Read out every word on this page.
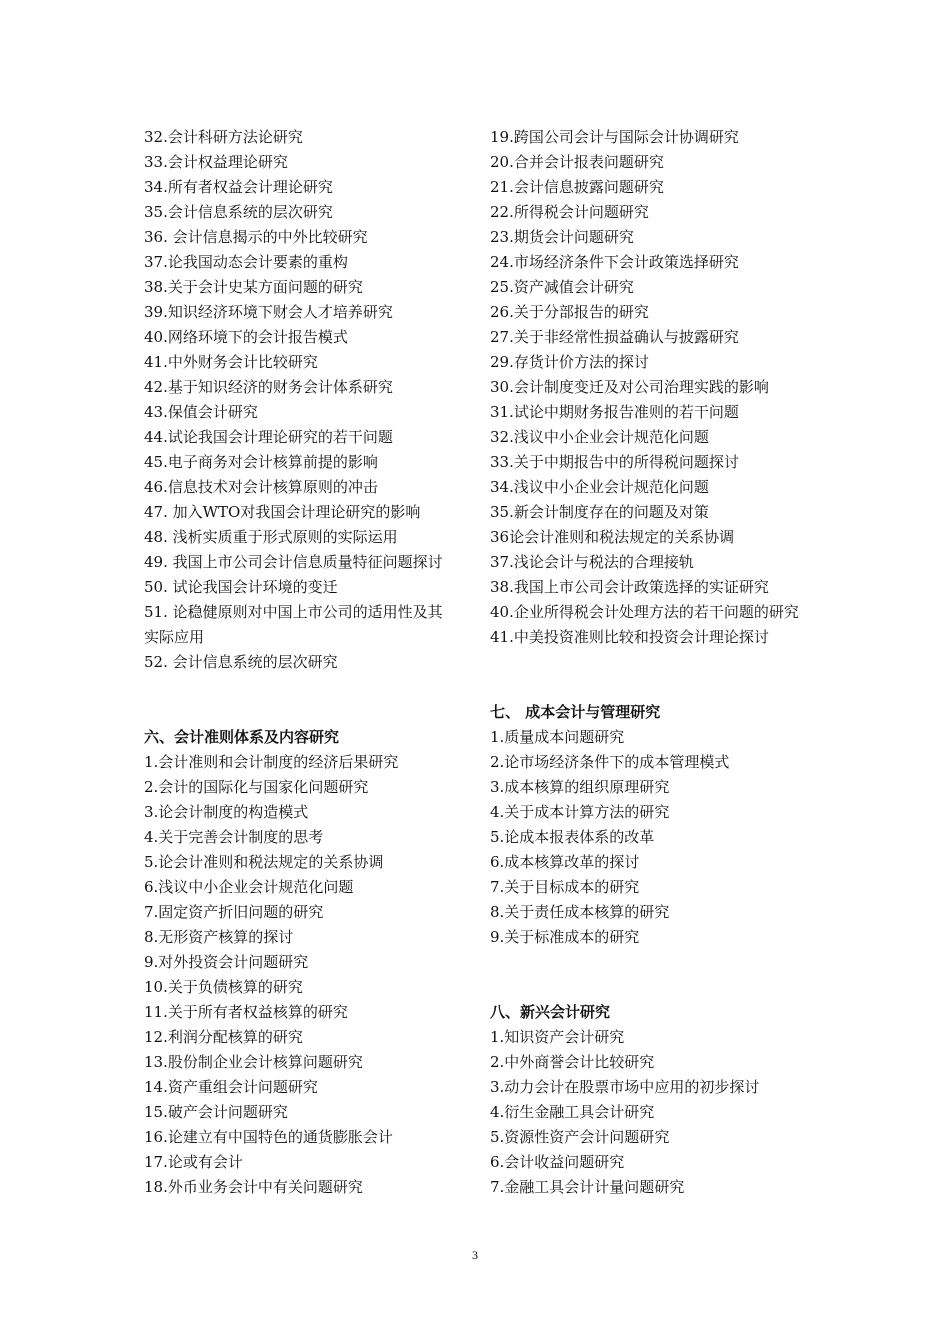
32.会计科研方法论研究
33.会计权益理论研究
34.所有者权益会计理论研究
35.会计信息系统的层次研究
36. 会计信息揭示的中外比较研究
37.论我国动态会计要素的重构
38.关于会计史某方面问题的研究
39.知识经济环境下财会人才培养研究
40.网络环境下的会计报告模式
41.中外财务会计比较研究
42.基于知识经济的财务会计体系研究
43.保值会计研究
44.试论我国会计理论研究的若干问题
45.电子商务对会计核算前提的影响
46.信息技术对会计核算原则的冲击
47. 加入WTO对我国会计理论研究的影响
48. 浅析实质重于形式原则的实际运用
49. 我国上市公司会计信息质量特征问题探讨
50. 试论我国会计环境的变迁
51. 论稳健原则对中国上市公司的适用性及其实际应用
52. 会计信息系统的层次研究
六、会计准则体系及内容研究
1.会计准则和会计制度的经济后果研究
2.会计的国际化与国家化问题研究
3.论会计制度的构造模式
4.关于完善会计制度的思考
5.论会计准则和税法规定的关系协调
6.浅议中小企业会计规范化问题
7.固定资产折旧问题的研究
8.无形资产核算的探讨
9.对外投资会计问题研究
10.关于负债核算的研究
11.关于所有者权益核算的研究
12.利润分配核算的研究
13.股份制企业会计核算问题研究
14.资产重组会计问题研究
15.破产会计问题研究
16.论建立有中国特色的通货膨胀会计
17.论或有会计
18.外币业务会计中有关问题研究
19.跨国公司会计与国际会计协调研究
20.合并会计报表问题研究
21.会计信息披露问题研究
22.所得税会计问题研究
23.期货会计问题研究
24.市场经济条件下会计政策选择研究
25.资产减值会计研究
26.关于分部报告的研究
27.关于非经常性损益确认与披露研究
29.存货计价方法的探讨
30.会计制度变迁及对公司治理实践的影响
31.试论中期财务报告准则的若干问题
32.浅议中小企业会计规范化问题
33.关于中期报告中的所得税问题探讨
34.浅议中小企业会计规范化问题
35.新会计制度存在的问题及对策
36论会计准则和税法规定的关系协调
37.浅论会计与税法的合理接轨
38.我国上市公司会计政策选择的实证研究
40.企业所得税会计处理方法的若干问题的研究
41.中美投资准则比较和投资会计理论探讨
七、 成本会计与管理研究
1.质量成本问题研究
2.论市场经济条件下的成本管理模式
3.成本核算的组织原理研究
4.关于成本计算方法的研究
5.论成本报表体系的改革
6.成本核算改革的探讨
7.关于目标成本的研究
8.关于责任成本核算的研究
9.关于标准成本的研究
八、新兴会计研究
1.知识资产会计研究
2.中外商誉会计比较研究
3.动力会计在股票市场中应用的初步探讨
4.衍生金融工具会计研究
5.资源性资产会计问题研究
6.会计收益问题研究
7.金融工具会计计量问题研究
3
